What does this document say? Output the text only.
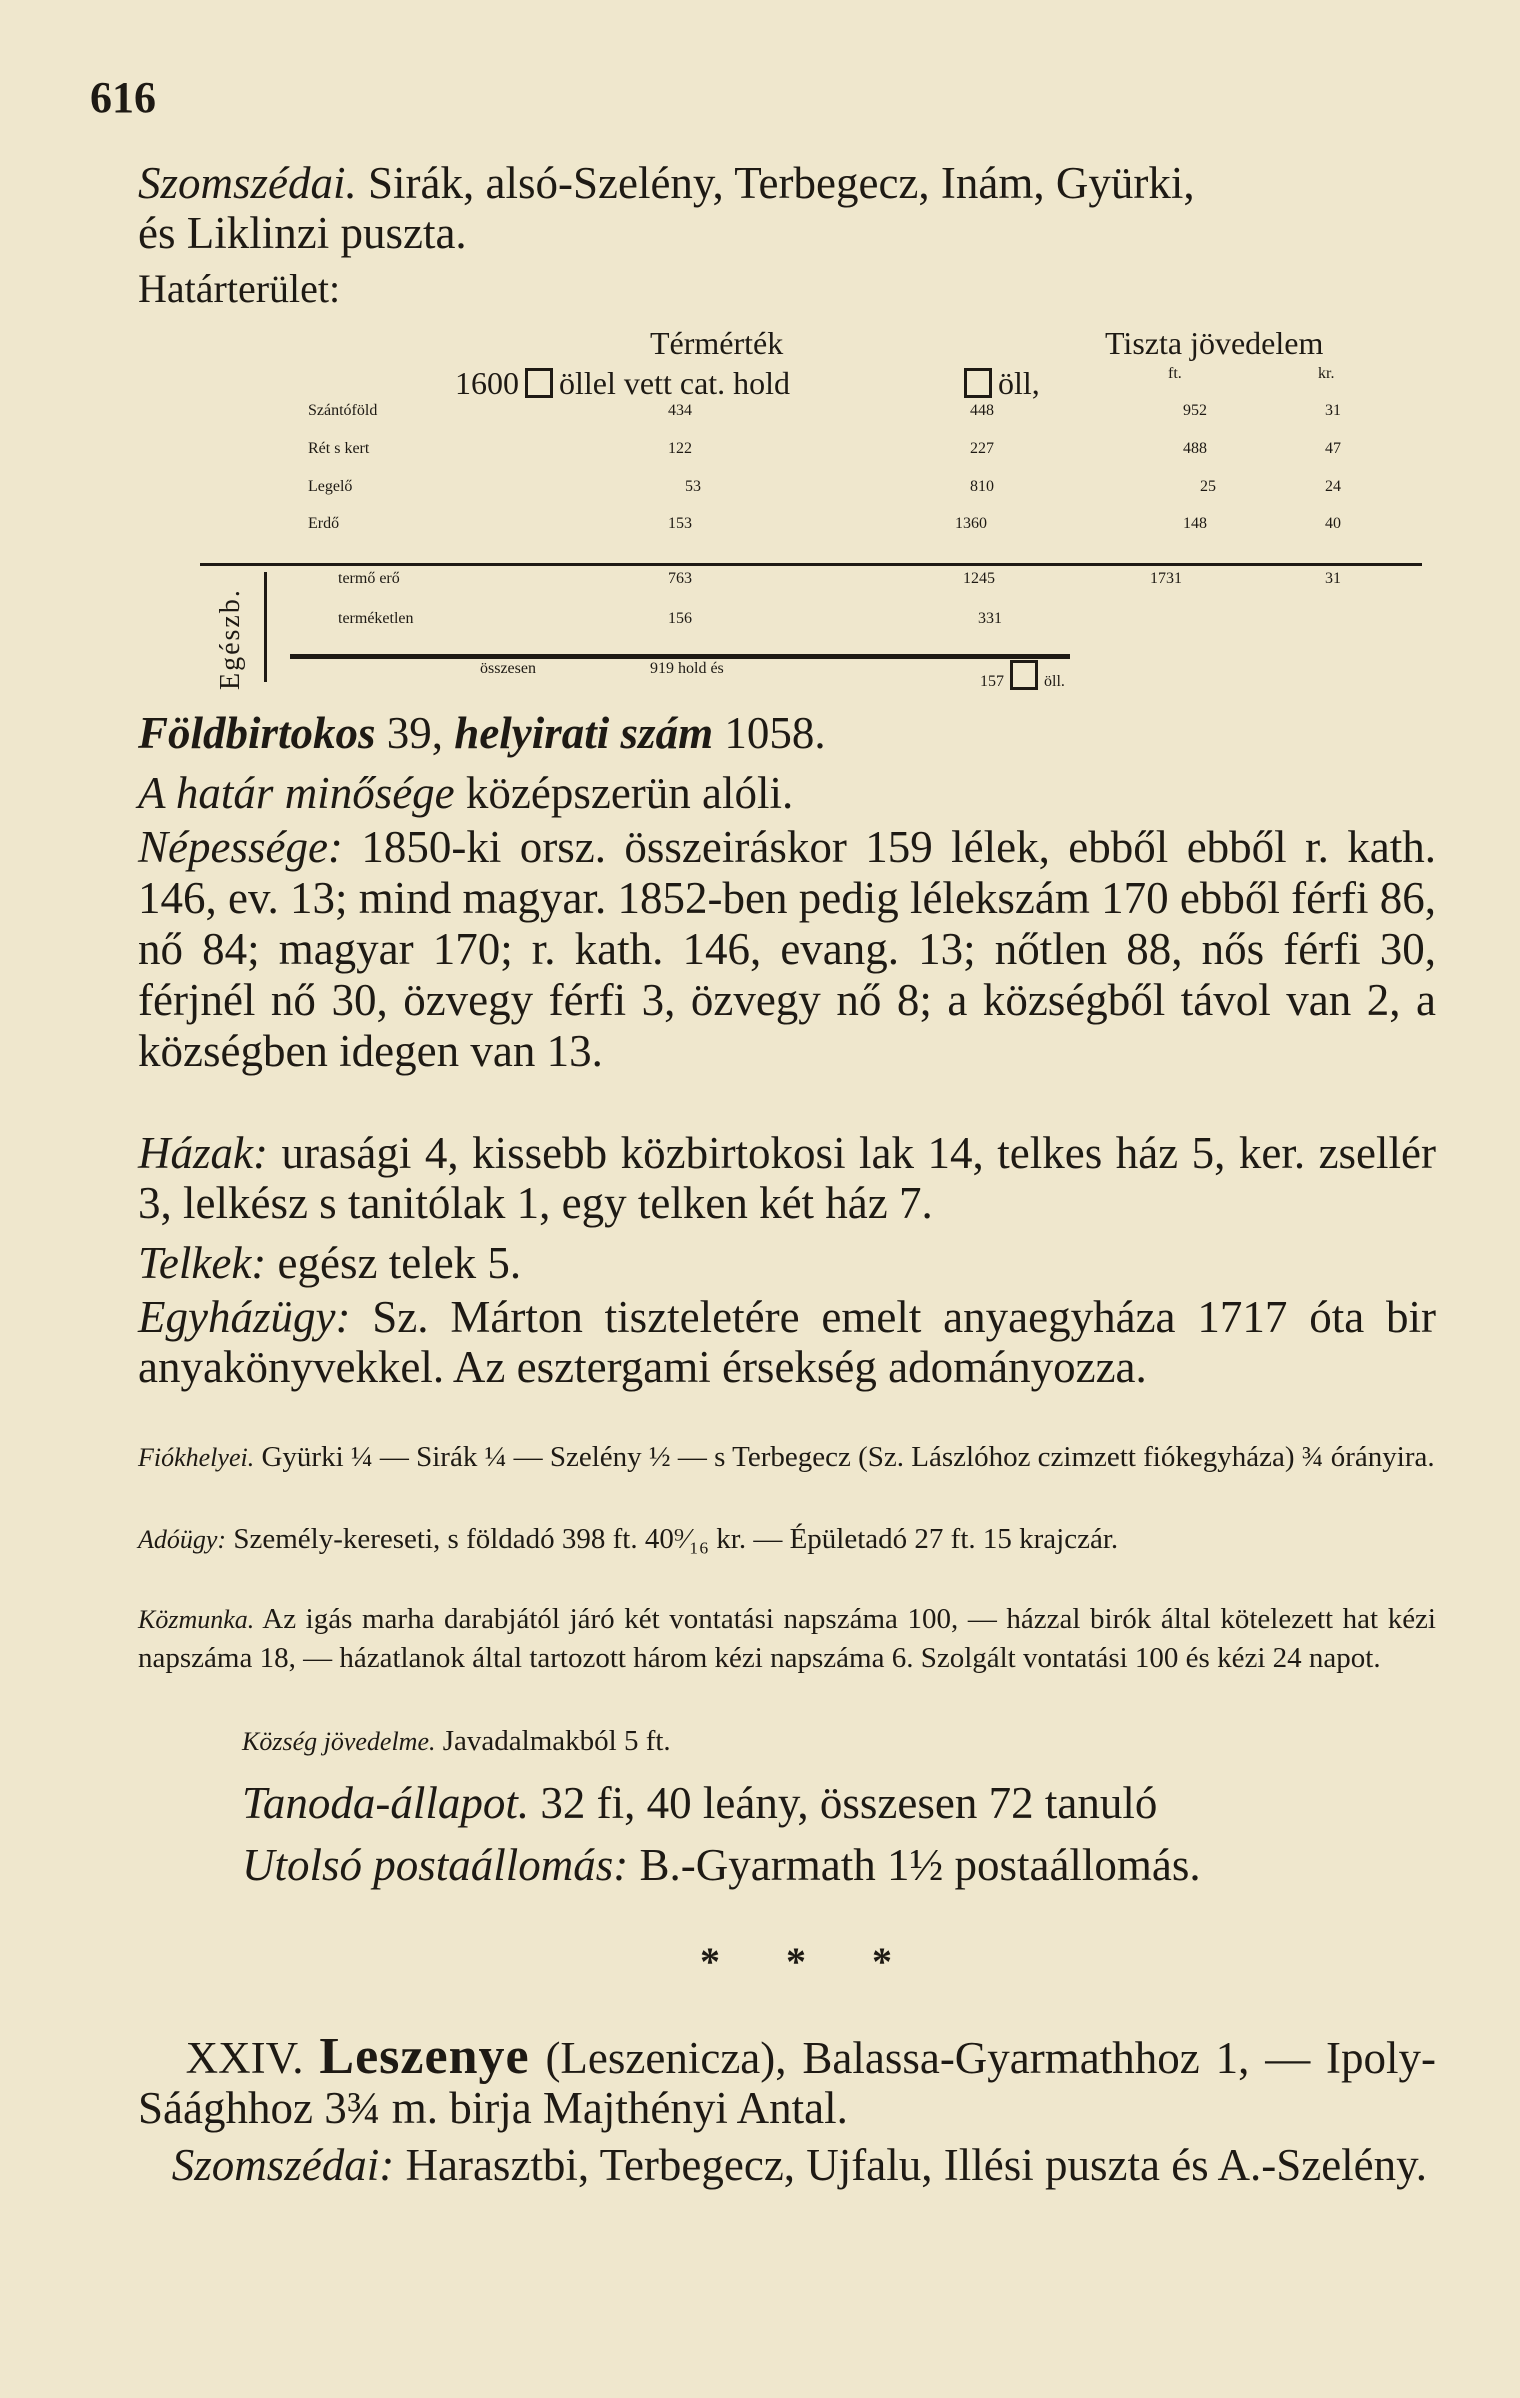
616
Szomszédai. Sirák, alsó-Szelény, Terbegecz, Inám, Gyürki,
és Liklinzi puszta.
Határterület:
Térmérték	Tiszta jövedelem
1600 öllel vett cat. hold	öll,	ft.	kr.
Szántóföld	434	448	952	31
Rét s kert	122	227	488	47
Legelő	53	810	25	24
Erdő	153	1360	148	40
Egészb.
termő erő	763	1245	1731	31
terméketlen	156	331
összesen	919 hold és
157	öll.
Földbirtokos 39, helyirati szám 1058.
A határ minősége középszerün alóli.
Népessége: 1850-ki orsz. összeiráskor 159 lélek, ebből ebből r. kath. 146, ev. 13; mind magyar. 1852-ben pedig lélekszám 170 ebből férfi 86, nő 84; magyar 170; r. kath. 146, evang. 13; nőtlen 88, nős férfi 30, férjnél nő 30, özvegy férfi 3, özvegy nő 8; a községből távol van 2, a községben idegen van 13.
Házak: urasági 4, kissebb közbirtokosi lak 14, telkes ház 5, ker. zsellér 3, lelkész s tanitólak 1, egy telken két ház 7.
Telkek: egész telek 5.
Egyházügy: Sz. Márton tiszteletére emelt anyaegyháza 1717 óta bir anyakönyvekkel. Az esztergami érsekség adományozza.
Fiókhelyei. Gyürki ¼ — Sirák ¼ — Szelény ½ — s Terbegecz (Sz. Lászlóhoz czimzett fiókegyháza) ¾ órányira.
Adóügy: Személy-kereseti, s földadó 398 ft. 40⁹⁄₁₆ kr. — Épületadó 27 ft. 15 krajczár.
Közmunka. Az igás marha darabjától járó két vontatási napszáma 100, — házzal birók által kötelezett hat kézi napszáma 18, — házatlanok által tartozott három kézi napszáma 6. Szolgált vontatási 100 és kézi 24 napot.
Község jövedelme. Javadalmakból 5 ft.
Tanoda-állapot. 32 fi, 40 leány, összesen 72 tanuló
Utolsó postaállomás: B.-Gyarmath 1½ postaállomás.
* * *
XXIV. Leszenye (Leszenicza), Balassa-Gyarmathhoz 1, — Ipoly-Sáághhoz 3¾ m. birja Majthényi Antal.
Szomszédai: Harasztbi, Terbegecz, Ujfalu, Illési puszta és A.-Szelény.
